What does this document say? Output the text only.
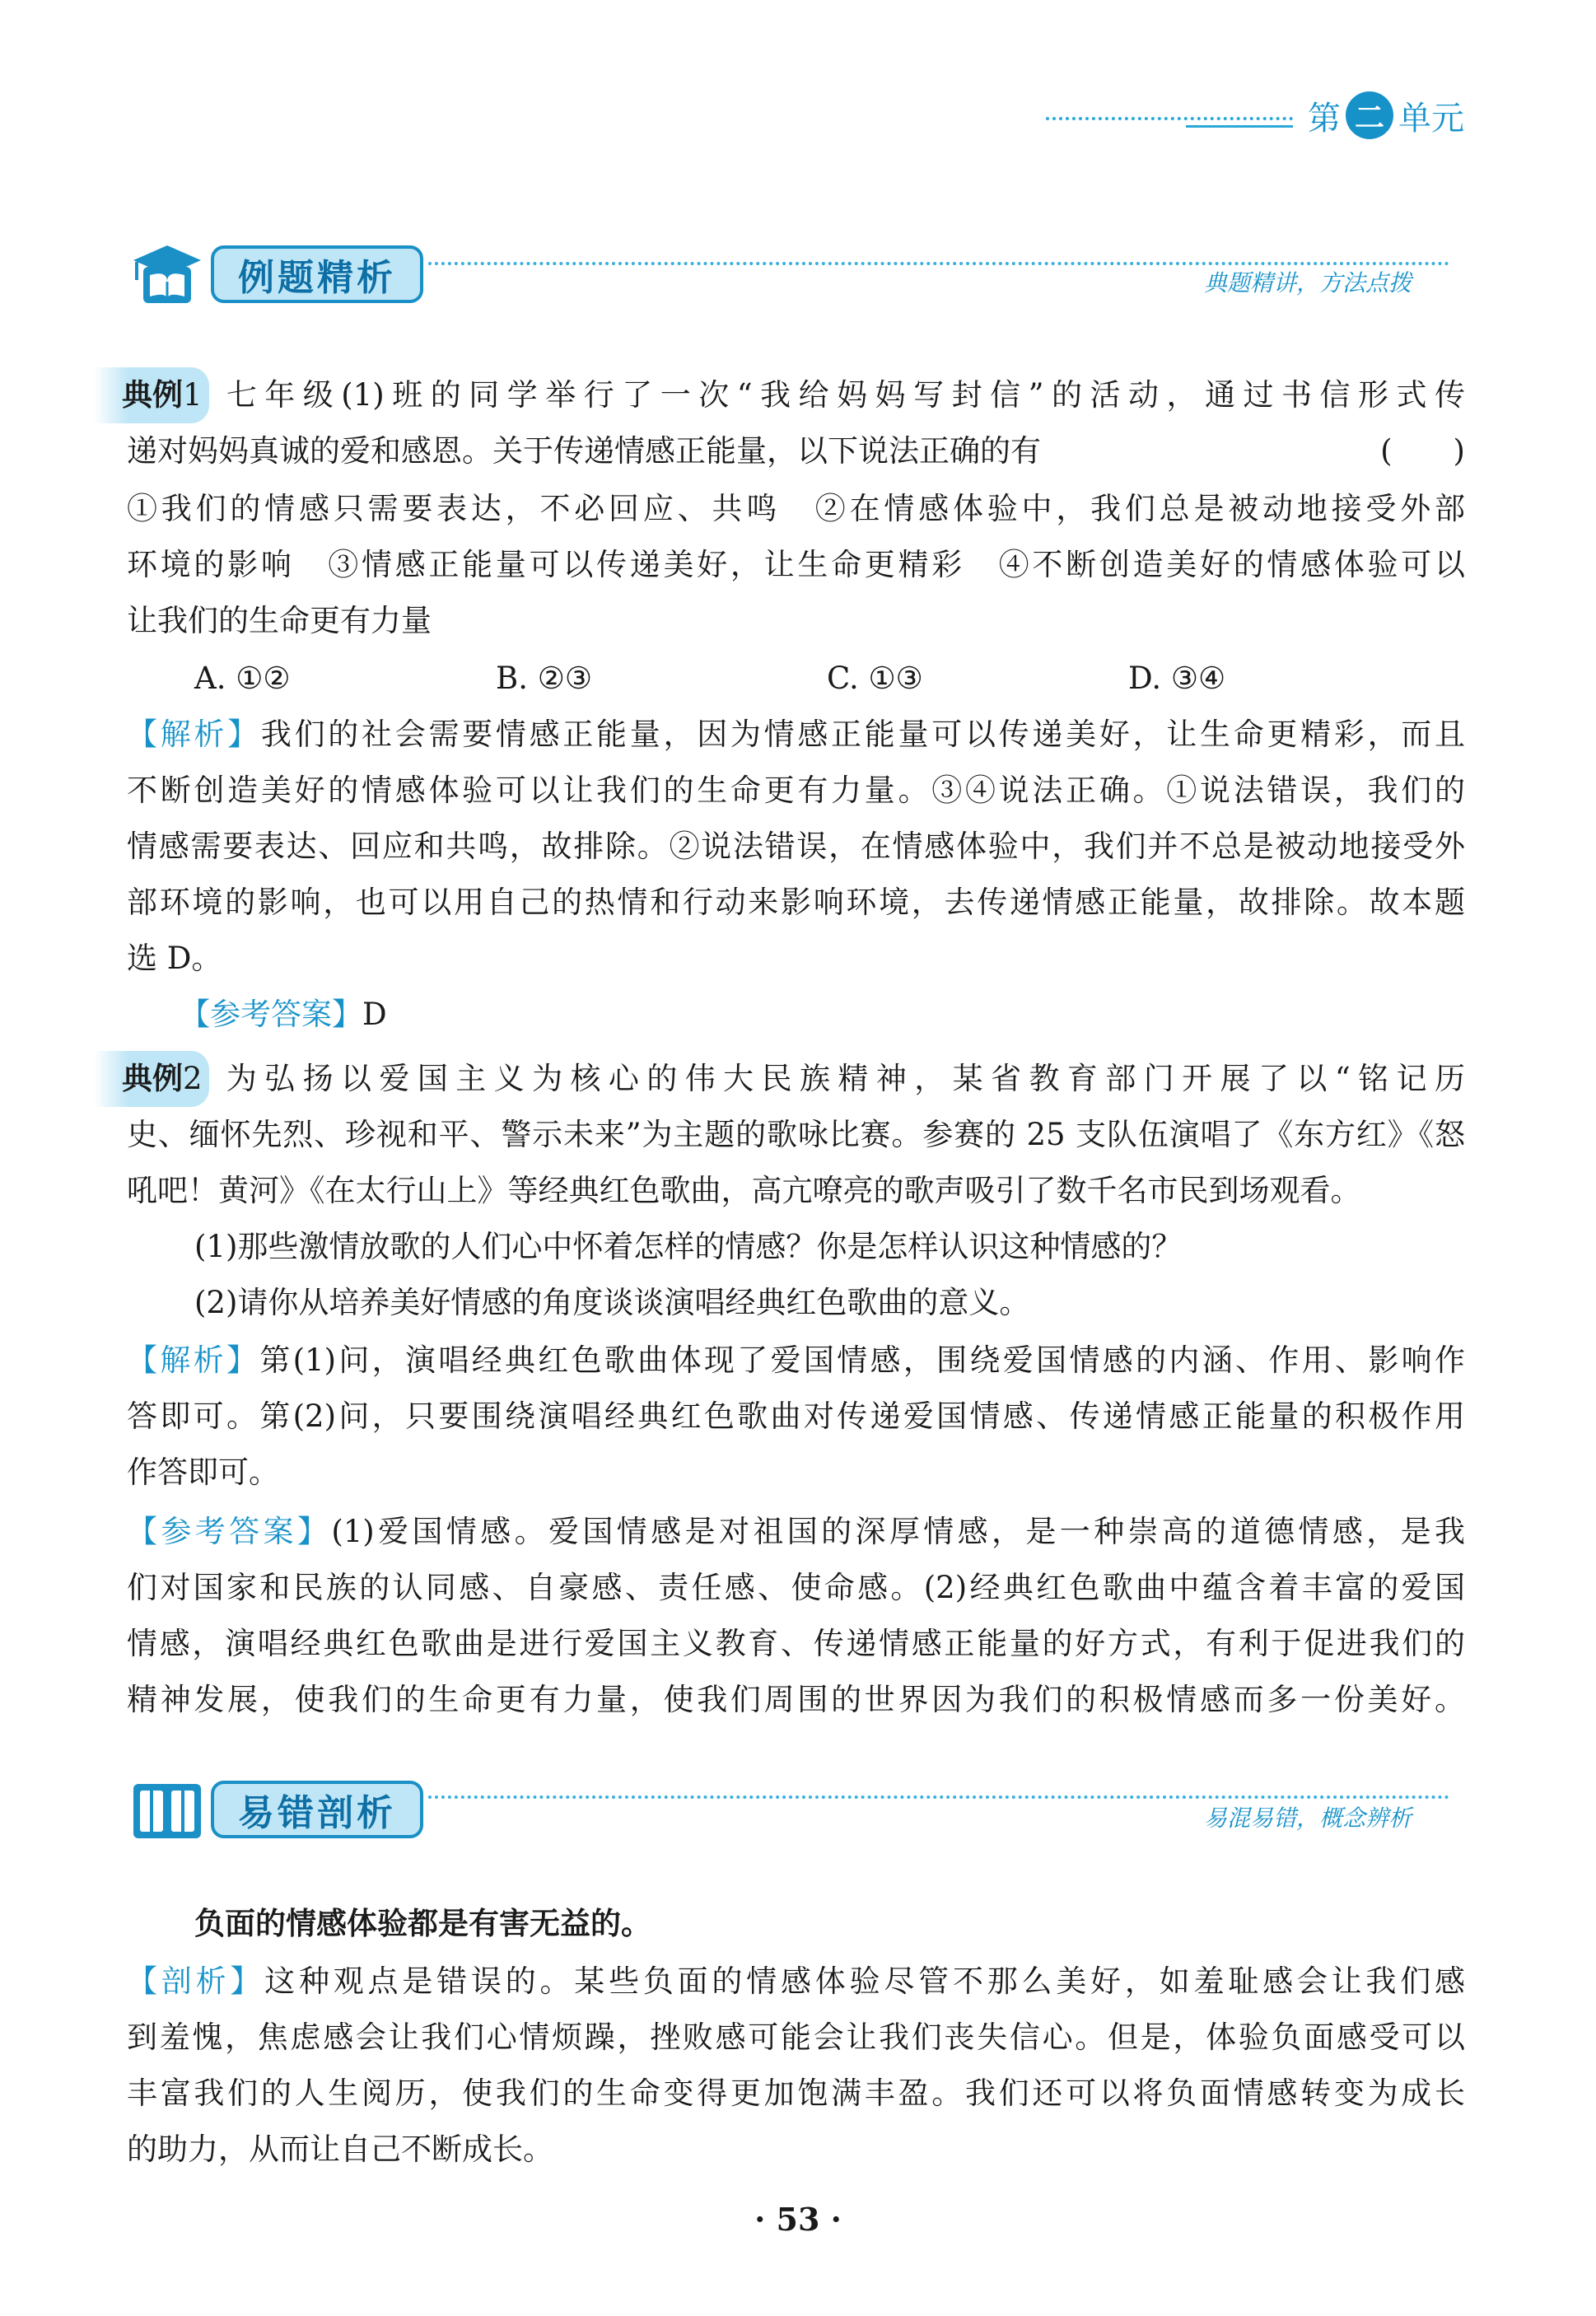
第 二 单元
例题精析	典题精讲，方法点拨
典例1 七年级(1)班的同学举行了一次“我给妈妈写封信”的活动，通过书信形式传
递对妈妈真诚的爱和感恩。关于传递情感正能量，以下说法正确的有	(　　)
①我们的情感只需要表达，不必回应、共鸣　②在情感体验中，我们总是被动地接受外部
环境的影响　③情感正能量可以传递美好，让生命更精彩　④不断创造美好的情感体验可以
让我们的生命更有力量
A. ①②	B. ②③	C. ①③	D. ③④
【解析】我们的社会需要情感正能量，因为情感正能量可以传递美好，让生命更精彩，而且
不断创造美好的情感体验可以让我们的生命更有力量。③④说法正确。①说法错误，我们的
情感需要表达、回应和共鸣，故排除。②说法错误，在情感体验中，我们并不总是被动地接受外
部环境的影响，也可以用自己的热情和行动来影响环境，去传递情感正能量，故排除。故本题
选 D。
【参考答案】D
典例2 为弘扬以爱国主义为核心的伟大民族精神，某省教育部门开展了以“铭记历
史、缅怀先烈、珍视和平、警示未来”为主题的歌咏比赛。参赛的 25 支队伍演唱了《东方红》《怒
吼吧！黄河》《在太行山上》等经典红色歌曲，高亢嘹亮的歌声吸引了数千名市民到场观看。
(1)那些激情放歌的人们心中怀着怎样的情感？你是怎样认识这种情感的？
(2)请你从培养美好情感的角度谈谈演唱经典红色歌曲的意义。
【解析】第(1)问，演唱经典红色歌曲体现了爱国情感，围绕爱国情感的内涵、作用、影响作
答即可。第(2)问，只要围绕演唱经典红色歌曲对传递爱国情感、传递情感正能量的积极作用
作答即可。
【参考答案】(1)爱国情感。爱国情感是对祖国的深厚情感，是一种崇高的道德情感，是我
们对国家和民族的认同感、自豪感、责任感、使命感。(2)经典红色歌曲中蕴含着丰富的爱国
情感，演唱经典红色歌曲是进行爱国主义教育、传递情感正能量的好方式，有利于促进我们的
精神发展，使我们的生命更有力量，使我们周围的世界因为我们的积极情感而多一份美好。
易错剖析	易混易错，概念辨析
负面的情感体验都是有害无益的。
【剖析】这种观点是错误的。某些负面的情感体验尽管不那么美好，如羞耻感会让我们感
到羞愧，焦虑感会让我们心情烦躁，挫败感可能会让我们丧失信心。但是，体验负面感受可以
丰富我们的人生阅历，使我们的生命变得更加饱满丰盈。我们还可以将负面情感转变为成长
的助力，从而让自己不断成长。
· 53 ·
